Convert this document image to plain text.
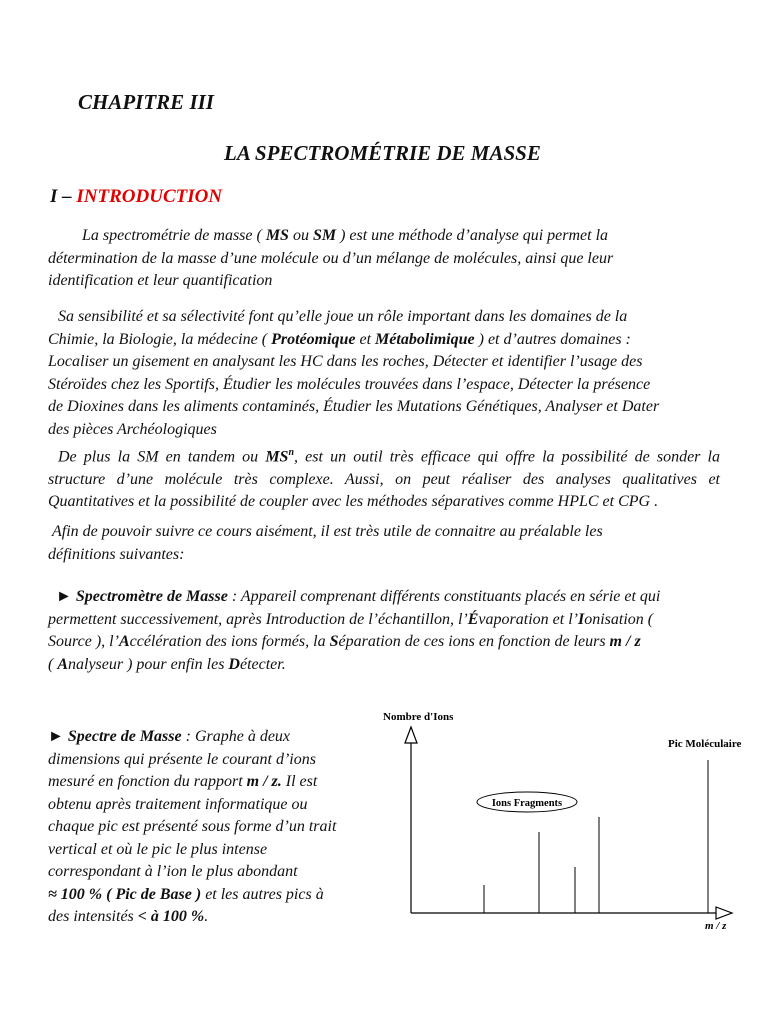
CHAPITRE III
LA SPECTROMÉTRIE DE MASSE
I – INTRODUCTION
La spectrométrie de masse ( MS ou SM ) est une méthode d’analyse qui permet la
détermination de la masse d’une molécule ou d’un mélange de molécules, ainsi que leur
identification et leur quantification
Sa sensibilité et sa sélectivité font qu’elle joue un rôle important dans les domaines de la
Chimie, la Biologie, la médecine ( Protéomique et Métabolimique ) et d’autres domaines :
Localiser un gisement en analysant les HC dans les roches, Détecter et identifier l’usage des
Stéroïdes chez les Sportifs, Étudier les molécules trouvées dans l’espace, Détecter la présence
de Dioxines dans les aliments contaminés, Étudier les Mutations Génétiques, Analyser et Dater
des pièces Archéologiques
De plus la SM en tandem ou $MS^n$, est un outil très efficace qui offre la possibilité de sonder la
structure d’une molécule très complexe. Aussi, on peut réaliser des analyses qualitatives et
Quantitatives et la possibilité de coupler avec les méthodes séparatives comme HPLC et CPG .
Afin de pouvoir suivre ce cours aisément, il est très utile de connaitre au préalable les
définitions suivantes:
► Spectromètre de Masse : Appareil comprenant différents constituants placés en série et qui
permettent successivement, après Introduction de l’échantillon, l’Évaporation et l’Ionisation (
Source ), l’Accélération des ions formés, la Séparation de ces ions en fonction de leurs m / z
( Analyseur ) pour enfin les Détecter.
► Spectre de Masse : Graphe à deux
dimensions qui présente le courant d’ions
mesuré en fonction du rapport m / z. Il est
obtenu après traitement informatique ou
chaque pic est présenté sous forme d’un trait
vertical et où le pic le plus intense
correspondant à l’ion le plus abondant
≈ 100 % ( Pic de Base ) et les autres pics à
des intensités < à 100 %.
Nombre d'Ions
Pic Moléculaire
Ions Fragments
m / z
